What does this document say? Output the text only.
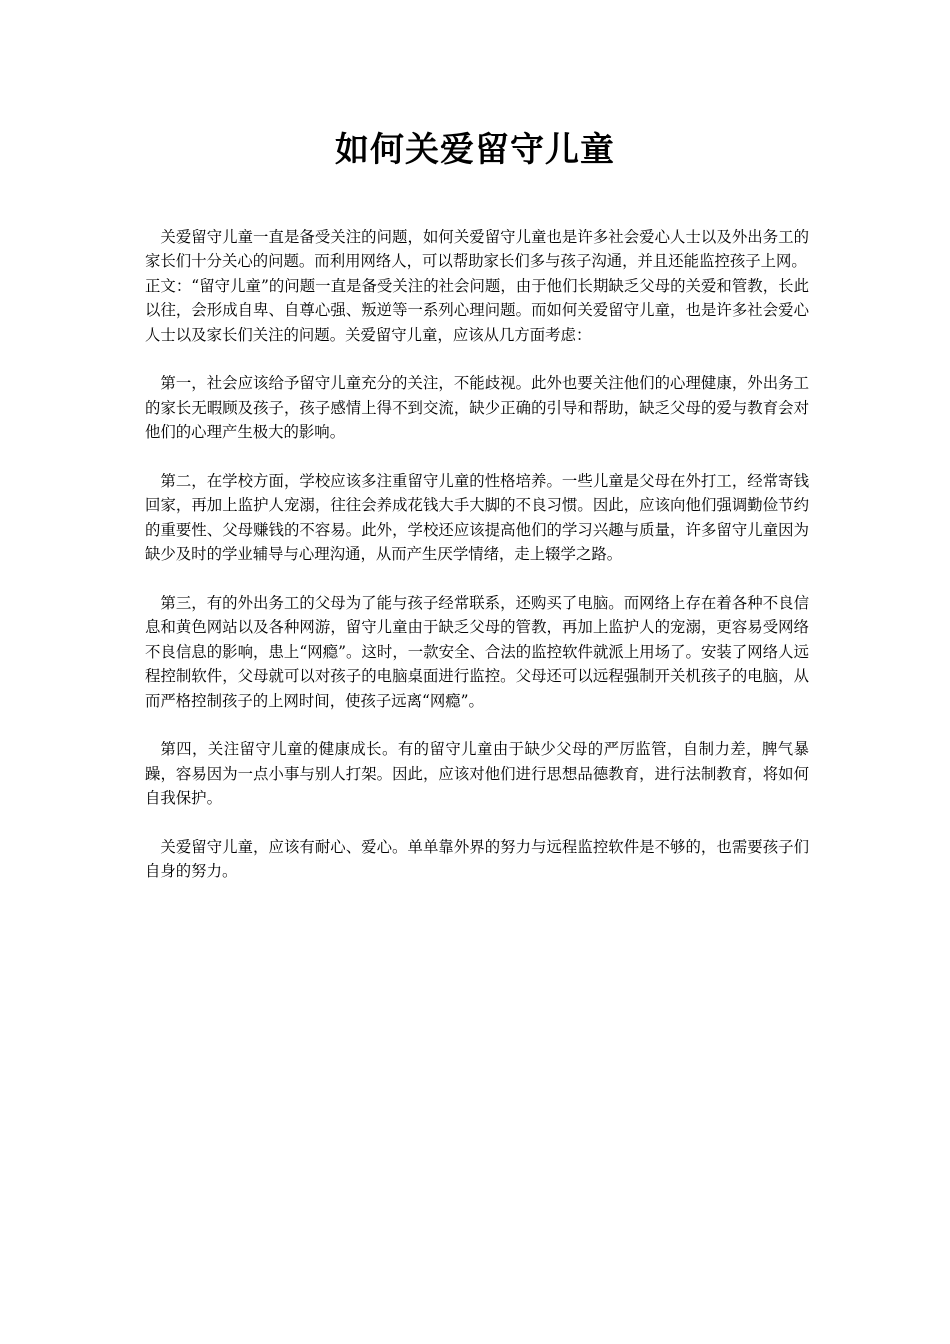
如何关爱留守儿童

关爱留守儿童一直是备受关注的问题，如何关爱留守儿童也是许多社会爱心人士以及外出务工的家长们十分关心的问题。而利用网络人，可以帮助家长们多与孩子沟通，并且还能监控孩子上网。

正文：“留守儿童”的问题一直是备受关注的社会问题，由于他们长期缺乏父母的关爱和管教，长此以往，会形成自卑、自尊心强、叛逆等一系列心理问题。而如何关爱留守儿童，也是许多社会爱心人士以及家长们关注的问题。关爱留守儿童，应该从几方面考虑：

第一，社会应该给予留守儿童充分的关注，不能歧视。此外也要关注他们的心理健康，外出务工的家长无暇顾及孩子，孩子感情上得不到交流，缺少正确的引导和帮助，缺乏父母的爱与教育会对他们的心理产生极大的影响。

第二，在学校方面，学校应该多注重留守儿童的性格培养。一些儿童是父母在外打工，经常寄钱回家，再加上监护人宠溺，往往会养成花钱大手大脚的不良习惯。因此，应该向他们强调勤俭节约的重要性、父母赚钱的不容易。此外，学校还应该提高他们的学习兴趣与质量，许多留守儿童因为缺少及时的学业辅导与心理沟通，从而产生厌学情绪，走上辍学之路。

第三，有的外出务工的父母为了能与孩子经常联系，还购买了电脑。而网络上存在着各种不良信息和黄色网站以及各种网游，留守儿童由于缺乏父母的管教，再加上监护人的宠溺，更容易受网络不良信息的影响，患上“网瘾”。这时，一款安全、合法的监控软件就派上用场了。安装了网络人远程控制软件，父母就可以对孩子的电脑桌面进行监控。父母还可以远程强制开关机孩子的电脑，从而严格控制孩子的上网时间，使孩子远离“网瘾”。

第四，关注留守儿童的健康成长。有的留守儿童由于缺少父母的严厉监管，自制力差，脾气暴躁，容易因为一点小事与别人打架。因此，应该对他们进行思想品德教育，进行法制教育，将如何自我保护。

关爱留守儿童，应该有耐心、爱心。单单靠外界的努力与远程监控软件是不够的，也需要孩子们自身的努力。
